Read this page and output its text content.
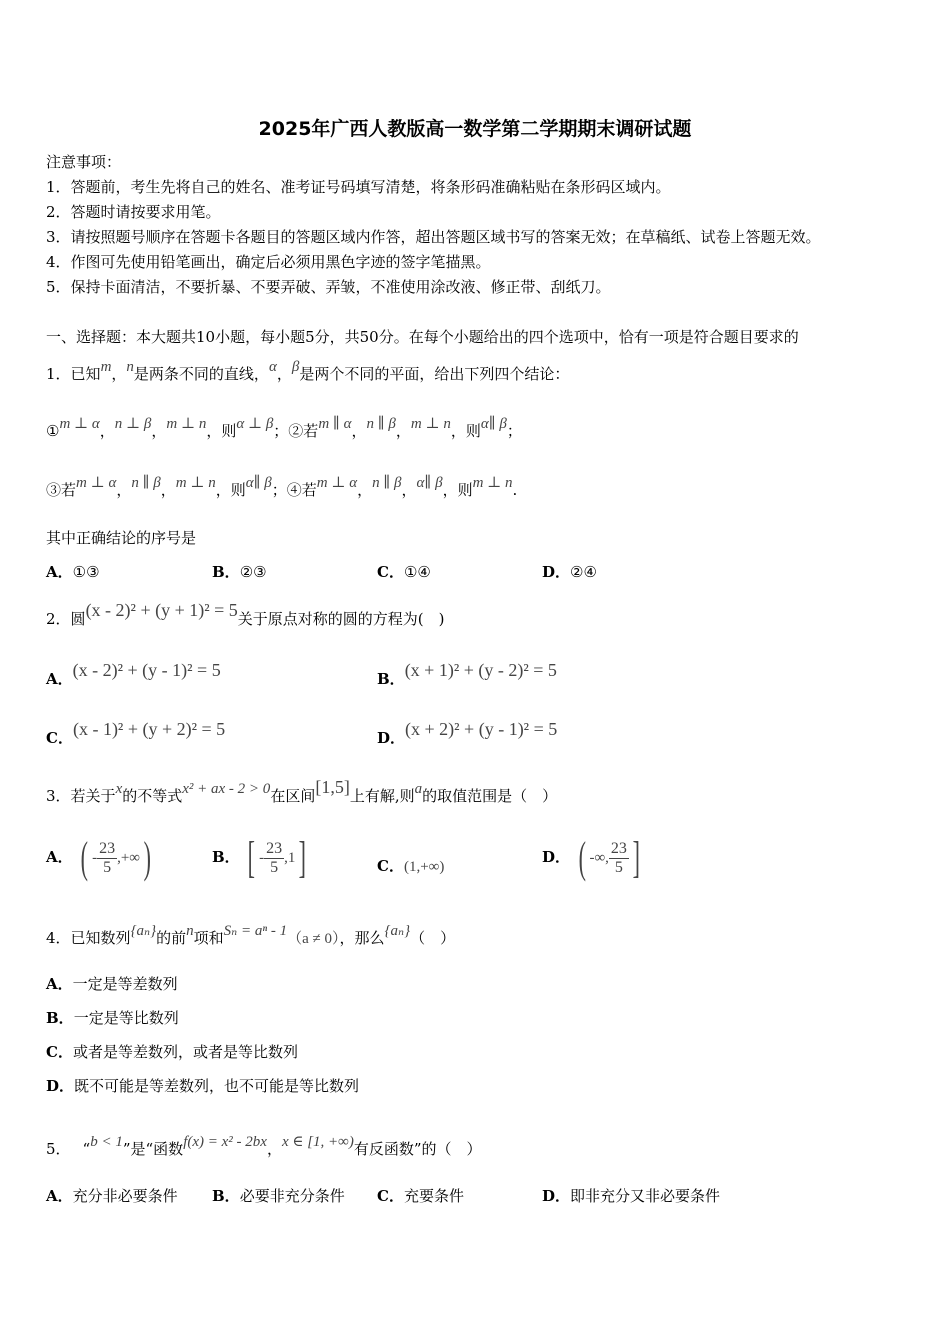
2025年广西人教版高一数学第二学期期末调研试题
注意事项：
1．答题前，考生先将自己的姓名、准考证号码填写清楚，将条形码准确粘贴在条形码区域内。
2．答题时请按要求用笔。
3．请按照题号顺序在答题卡各题目的答题区域内作答，超出答题区域书写的答案无效；在草稿纸、试卷上答题无效。
4．作图可先使用铅笔画出，确定后必须用黑色字迹的签字笔描黑。
5．保持卡面清洁，不要折暴、不要弄破、弄皱，不准使用涂改液、修正带、刮纸刀。
一、选择题：本大题共10小题，每小题5分，共50分。在每个小题给出的四个选项中，恰有一项是符合题目要求的
1．已知m，n是两条不同的直线，α，β是两个不同的平面，给出下列四个结论：
①m ⊥ α，n ⊥ β，m ⊥ n，则α ⊥ β；②若m ∥ α，n ∥ β，m ⊥ n，则α∥ β；
③若m ⊥ α，n ∥ β，m ⊥ n，则α∥ β；④若m ⊥ α，n ∥ β，α∥ β，则m ⊥ n.
其中正确结论的序号是
A．①③	B．②③	C．①④	D．②④
2．圆(x - 2)² + (y + 1)² = 5关于原点对称的圆的方程为(　)
A．(x - 2)² + (y - 1)² = 5	B．(x + 1)² + (y - 2)² = 5
C．(x - 1)² + (y + 2)² = 5	D．(x + 2)² + (y - 1)² = 5
3．若关于x的不等式x² + ax - 2 > 0在区间[1,5]上有解,则a的取值范围是（　）
A． ( - $\frac{23}{5}$ ,+∞)	B． [ - $\frac{23}{5} ,1$]	C．(1,+∞)
D． ( -∞, $\frac{23}{5}$ ]
4．已知数列{aₙ}的前n项和Sₙ = aⁿ - 1（a ≠ 0），那么{aₙ}（　）
A．一定是等差数列
B．一定是等比数列
C．或者是等差数列，或者是等比数列
D．既不可能是等差数列，也不可能是等比数列
5． “b < 1”是“函数f(x) = x² - 2bx，x ∈ [1, +∞)有反函数”的（　）
A．充分非必要条件 B．必要非充分条件 C．充要条件	D．即非充分又非必要条件
